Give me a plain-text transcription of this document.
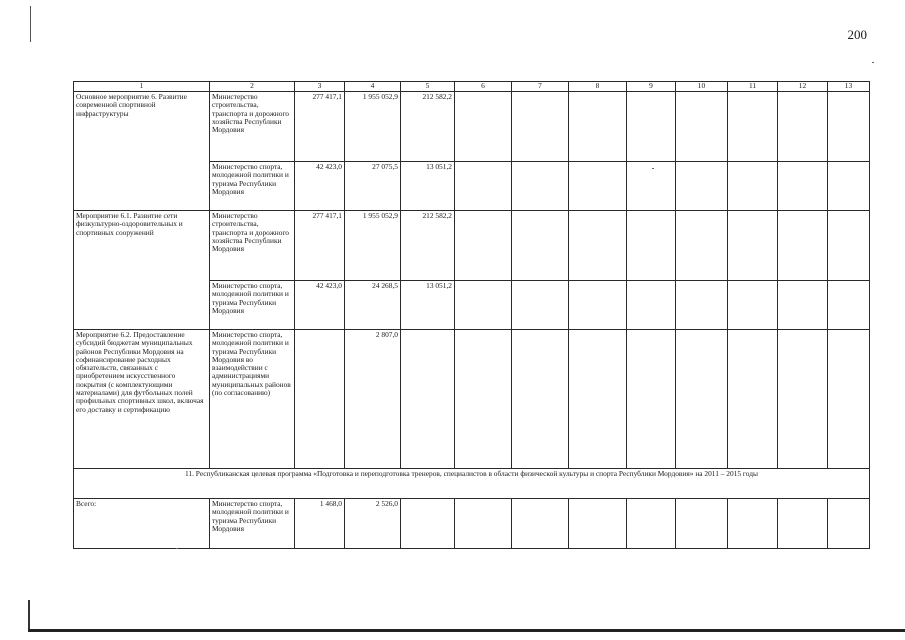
200
1	2	3	4	5	6	7	8	9	10	11	12	13
Основное мероприятие 6. Развитие современной спортивной инфраструктуры	Министерство строительства, транспорта и дорожного хозяйства Республики Мордовия	277 417,1	1 955 052,9	212 582,2								
	Министерство спорта, молодежной политики и туризма Республики Мордовия	42 423,0	27 075,5	13 051,2								
Мероприятие 6.1. Развитие сети физкультурно-оздоровительных и спортивных сооружений	Министерство строительства, транспорта и дорожного хозяйства Республики Мордовия	277 417,1	1 955 052,9	212 582,2								
	Министерство спорта, молодежной политики и туризма Республики Мордовия	42 423,0	24 268,5	13 051,2								
Мероприятие 6.2. Предоставление субсидий бюджетам муниципальных районов Республики Мордовия на софинансирование расходных обязательств, связанных с приобретением искусственного покрытия (с комплектующими материалами) для футбольных полей профильных спортивных школ, включая его доставку и сертификацию	Министерство спорта, молодежной политики и туризма Республики Мордовия во взаимодействии с администрациями муниципальных районов (по согласованию)		2 807,0									
11. Республиканская целевая программа «Подготовка и переподготовка тренеров, специалистов в области физической культуры и спорта Республики Мордовия» на 2011 – 2015 годы												
Всего:	Министерство спорта, молодежной политики и туризма Республики Мордовия	1 468,0	2 526,0									
